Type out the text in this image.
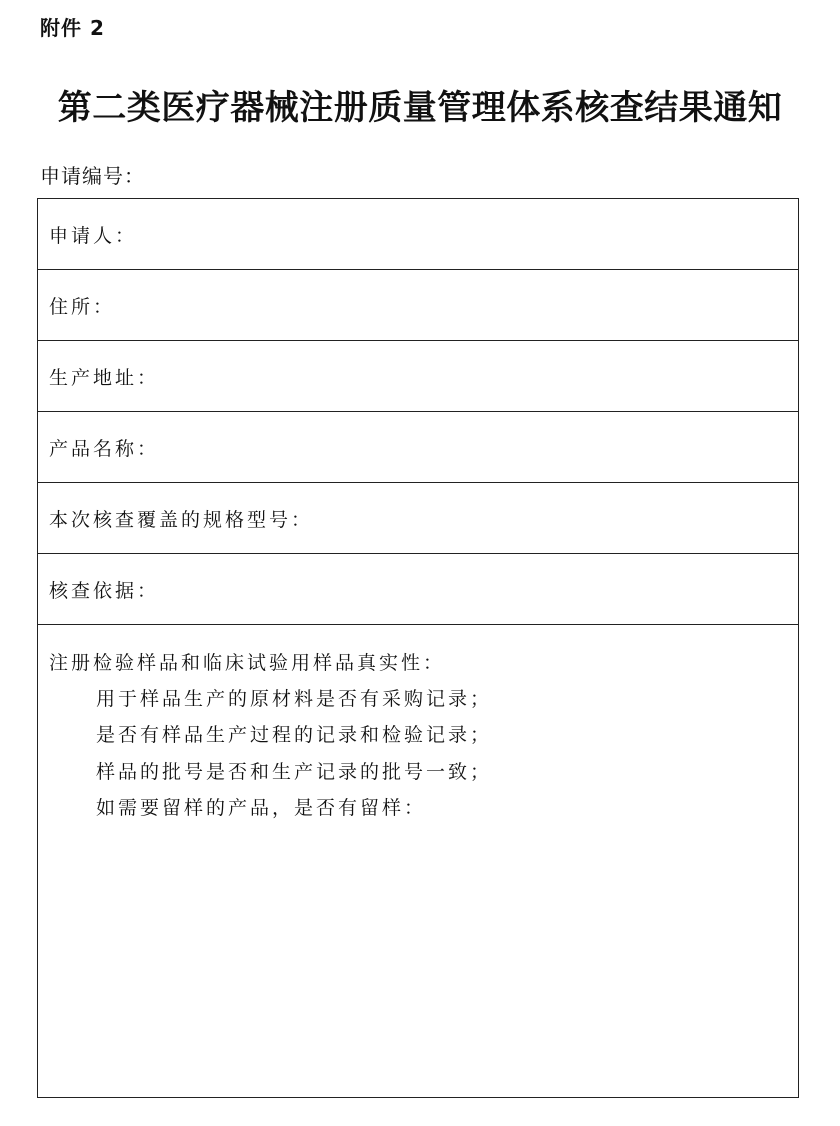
附件 2
第二类医疗器械注册质量管理体系核查结果通知
申请编号：
申请人：
住所：
生产地址：
产品名称：
本次核查覆盖的规格型号：
核查依据：
注册检验样品和临床试验用样品真实性：
用于样品生产的原材料是否有采购记录；
是否有样品生产过程的记录和检验记录；
样品的批号是否和生产记录的批号一致；
如需要留样的产品，是否有留样：
